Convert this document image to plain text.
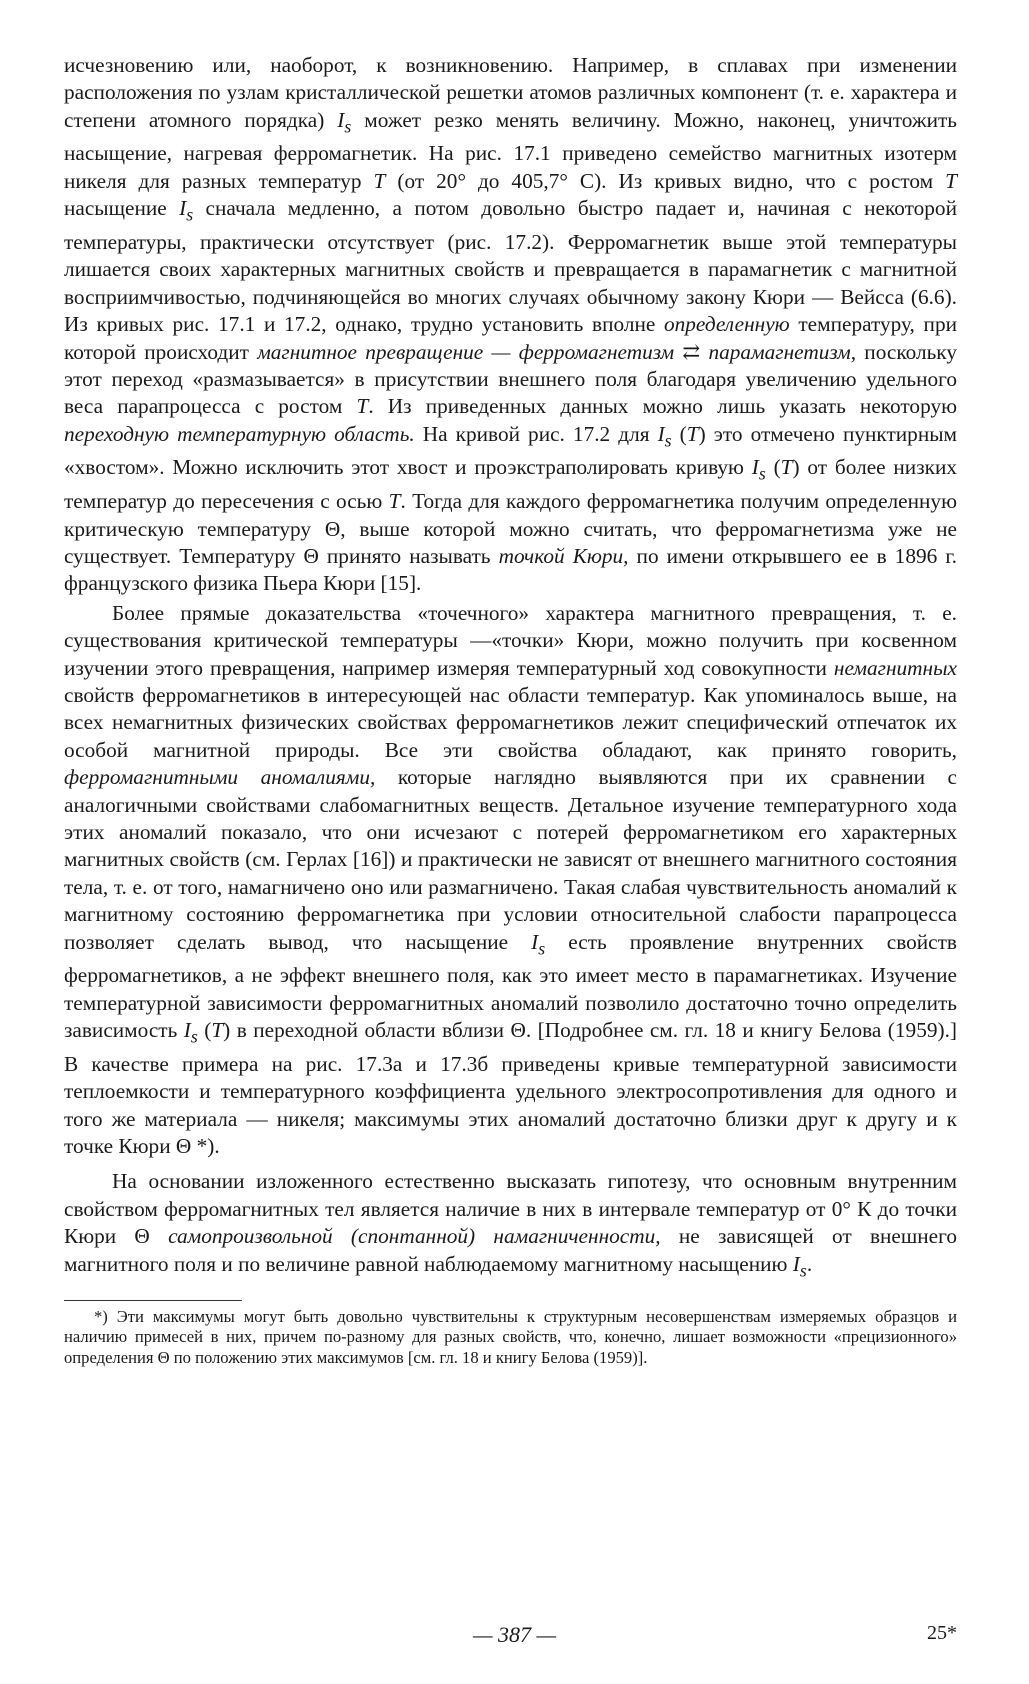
исчезновению или, наоборот, к возникновению. Например, в сплавах при изменении расположения по узлам кристаллической решетки атомов различных компонент (т. е. характера и степени атомного порядка) $I_s$ может резко менять величину. Можно, наконец, уничтожить насыщение, нагревая ферромагнетик. На рис. 17.1 приведено семейство магнитных изотерм никеля для разных температур T (от 20° до 405,7° С). Из кривых видно, что с ростом T насыщение $I_s$ сначала медленно, а потом довольно быстро падает и, начиная с некоторой температуры, практически отсутствует (рис. 17.2). Ферромагнетик выше этой температуры лишается своих характерных магнитных свойств и превращается в парамагнетик с магнитной восприимчивостью, подчиняющейся во многих случаях обычному закону Кюри — Вейсса (6.6). Из кривых рис. 17.1 и 17.2, однако, трудно установить вполне определенную температуру, при которой происходит магнитное превращение — ферромагнетизм ⇄ парамагнетизм, поскольку этот переход «размазывается» в присутствии внешнего поля благодаря увеличению удельного веса парапроцесса с ростом T. Из приведенных данных можно лишь указать некоторую переходную температурную область. На кривой рис. 17.2 для $I_s$ (T) это отмечено пунктирным «хвостом». Можно исключить этот хвост и проэкстраполировать кривую $I_s$ (T) от более низких температур до пересечения с осью T. Тогда для каждого ферромагнетика получим определенную критическую температуру Θ, выше которой можно считать, что ферромагнетизма уже не существует. Температуру Θ принято называть точкой Кюри, по имени открывшего ее в 1896 г. французского физика Пьера Кюри [15].

Более прямые доказательства «точечного» характера магнитного превращения, т. е. существования критической температуры —«точки» Кюри, можно получить при косвенном изучении этого превращения, например измеряя температурный ход совокупности немагнитных свойств ферромагнетиков в интересующей нас области температур. Как упоминалось выше, на всех немагнитных физических свойствах ферромагнетиков лежит специфический отпечаток их особой магнитной природы. Все эти свойства обладают, как принято говорить, ферромагнитными аномалиями, которые наглядно выявляются при их сравнении с аналогичными свойствами слабомагнитных веществ. Детальное изучение температурного хода этих аномалий показало, что они исчезают с потерей ферромагнетиком его характерных магнитных свойств (см. Герлах [16]) и практически не зависят от внешнего магнитного состояния тела, т. е. от того, намагничено оно или размагничено. Такая слабая чувствительность аномалий к магнитному состоянию ферромагнетика при условии относительной слабости парапроцесса позволяет сделать вывод, что насыщение $I_s$ есть проявление внутренних свойств ферромагнетиков, а не эффект внешнего поля, как это имеет место в парамагнетиках. Изучение температурной зависимости ферромагнитных аномалий позволило достаточно точно определить зависимость $I_s$ (T) в переходной области вблизи Θ. [Подробнее см. гл. 18 и книгу Белова (1959).] В качестве примера на рис. 17.3а и 17.3б приведены кривые температурной зависимости теплоемкости и температурного коэффициента удельного электросопротивления для одного и того же материала — никеля; максимумы этих аномалий достаточно близки друг к другу и к точке Кюри Θ *).

На основании изложенного естественно высказать гипотезу, что основным внутренним свойством ферромагнитных тел является наличие в них в интервале температур от 0° К до точки Кюри Θ самопроизвольной (спонтанной) намагниченности, не зависящей от внешнего магнитного поля и по величине равной наблюдаемому магнитному насыщению $I_s$.

*) Эти максимумы могут быть довольно чувствительны к структурным несовершенствам измеряемых образцов и наличию примесей в них, причем по-разному для разных свойств, что, конечно, лишает возможности «прецизионного» определения Θ по положению этих максимумов [см. гл. 18 и книгу Белова (1959)].

— 387 —	25*
